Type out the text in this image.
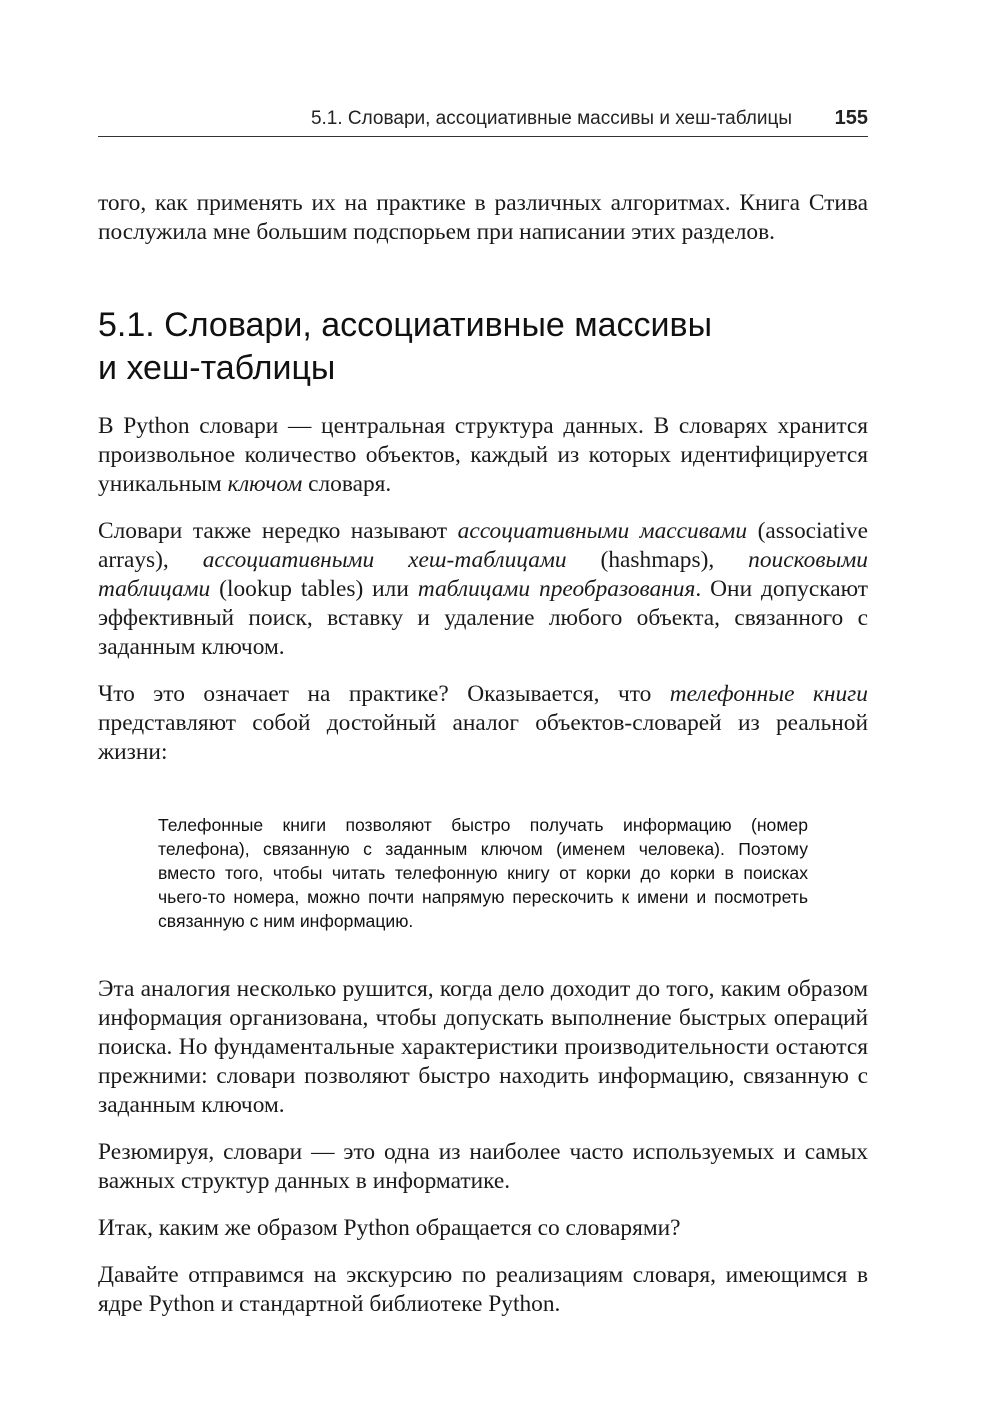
5.1. Словари, ассоциативные массивы и хеш-таблицы 155

того, как применять их на практике в различных алгоритмах. Книга Стива послужила мне большим подспорьем при написании этих разделов.

5.1. Словари, ассоциативные массивы
и хеш-таблицы

В Python словари — центральная структура данных. В словарях хранится произвольное количество объектов, каждый из которых идентифицируется уникальным ключом словаря.

Словари также нередко называют ассоциативными массивами (associative arrays), ассоциативными хеш-таблицами (hashmaps), поисковыми таблицами (lookup tables) или таблицами преобразования. Они допускают эффективный поиск, вставку и удаление любого объекта, связанного с заданным ключом.

Что это означает на практике? Оказывается, что телефонные книги представляют собой достойный аналог объектов-словарей из реальной жизни:

Телефонные книги позволяют быстро получать информацию (номер телефона), связанную с заданным ключом (именем человека). Поэтому вместо того, чтобы читать телефонную книгу от корки до корки в поисках чьего-то номера, можно почти напрямую перескочить к имени и посмотреть связанную с ним информацию.

Эта аналогия несколько рушится, когда дело доходит до того, каким образом информация организована, чтобы допускать выполнение быстрых операций поиска. Но фундаментальные характеристики производительности остаются прежними: словари позволяют быстро находить информацию, связанную с заданным ключом.

Резюмируя, словари — это одна из наиболее часто используемых и самых важных структур данных в информатике.

Итак, каким же образом Python обращается со словарями?

Давайте отправимся на экскурсию по реализациям словаря, имеющимся в ядре Python и стандартной библиотеке Python.
